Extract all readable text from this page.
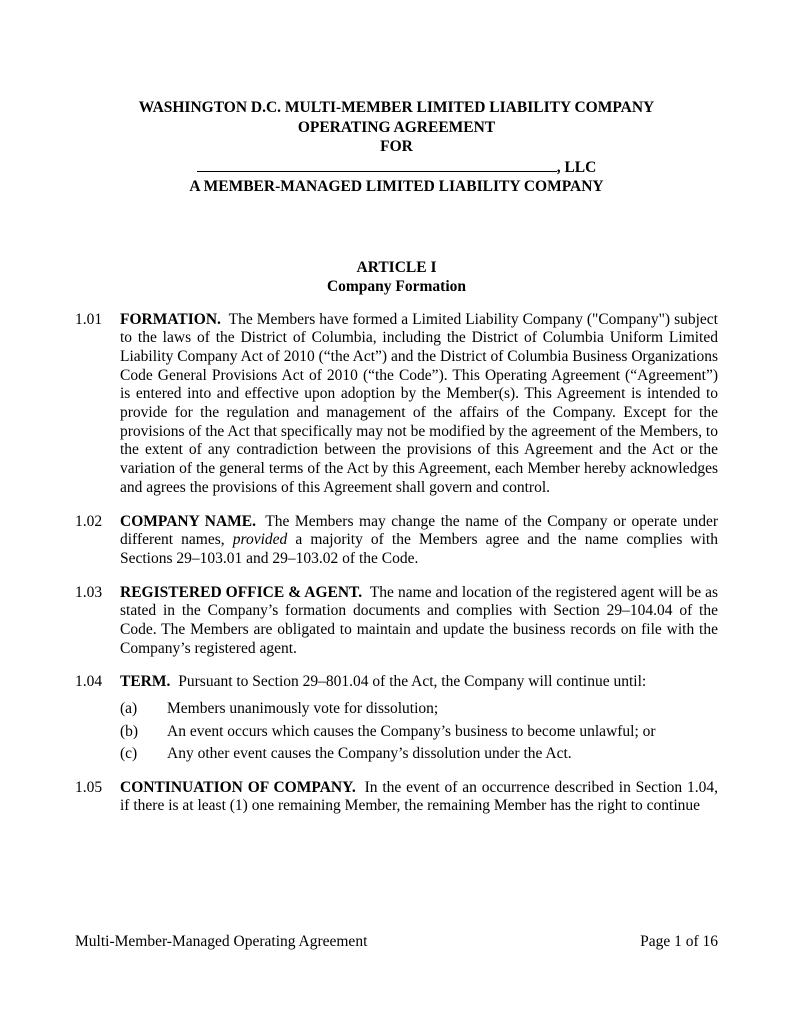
WASHINGTON D.C. MULTI-MEMBER LIMITED LIABILITY COMPANY
OPERATING AGREEMENT
FOR
, LLC
A MEMBER-MANAGED LIMITED LIABILITY COMPANY
ARTICLE I
Company Formation
1.01 FORMATION. The Members have formed a Limited Liability Company ("Company") subject to the laws of the District of Columbia, including the District of Columbia Uniform Limited Liability Company Act of 2010 (“the Act”) and the District of Columbia Business Organizations Code General Provisions Act of 2010 (“the Code”). This Operating Agreement (“Agreement”) is entered into and effective upon adoption by the Member(s). This Agreement is intended to provide for the regulation and management of the affairs of the Company. Except for the provisions of the Act that specifically may not be modified by the agreement of the Members, to the extent of any contradiction between the provisions of this Agreement and the Act or the variation of the general terms of the Act by this Agreement, each Member hereby acknowledges and agrees the provisions of this Agreement shall govern and control.
1.02 COMPANY NAME. The Members may change the name of the Company or operate under different names, provided a majority of the Members agree and the name complies with Sections 29–103.01 and 29–103.02 of the Code.
1.03 REGISTERED OFFICE & AGENT. The name and location of the registered agent will be as stated in the Company’s formation documents and complies with Section 29–104.04 of the Code. The Members are obligated to maintain and update the business records on file with the Company’s registered agent.
1.04 TERM. Pursuant to Section 29–801.04 of the Act, the Company will continue until:
(a) Members unanimously vote for dissolution;
(b) An event occurs which causes the Company’s business to become unlawful; or
(c) Any other event causes the Company’s dissolution under the Act.
1.05 CONTINUATION OF COMPANY. In the event of an occurrence described in Section 1.04, if there is at least (1) one remaining Member, the remaining Member has the right to continue
Multi-Member-Managed Operating Agreement	Page 1 of 16
